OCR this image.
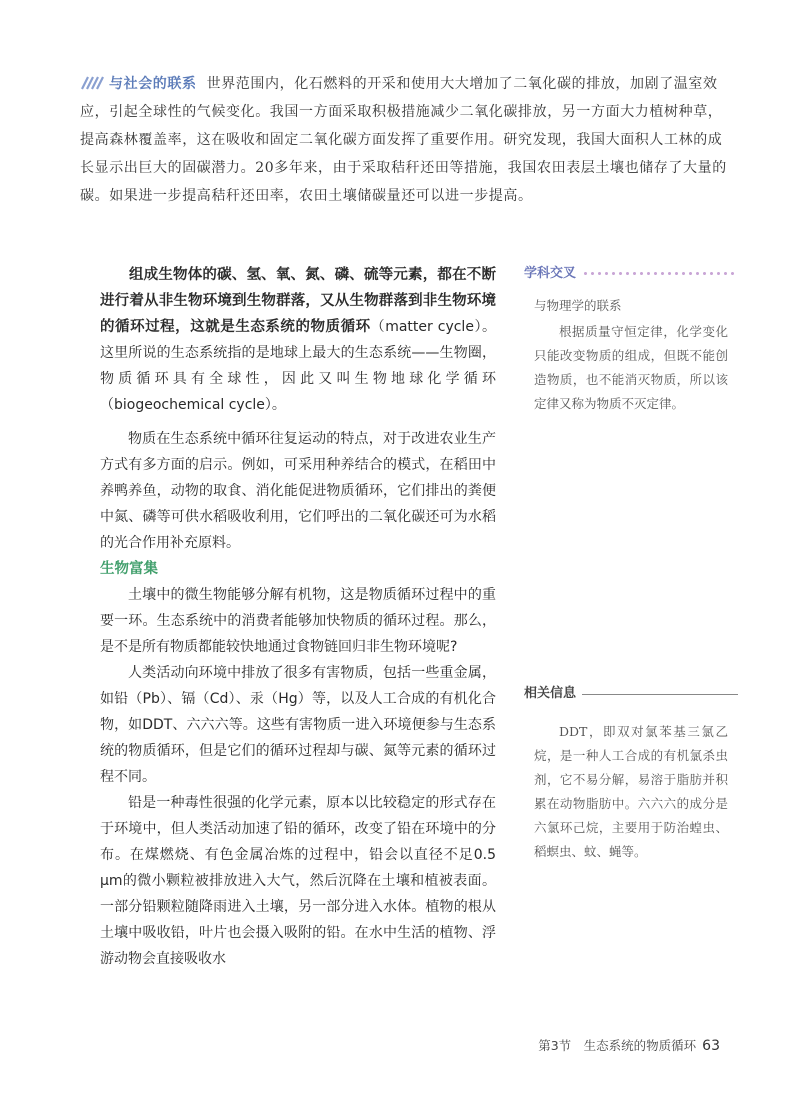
与社会的联系 世界范围内，化石燃料的开采和使用大大增加了二氧化碳的排放，加剧了温室效应，引起全球性的气候变化。我国一方面采取积极措施减少二氧化碳排放，另一方面大力植树种草，提高森林覆盖率，这在吸收和固定二氧化碳方面发挥了重要作用。研究发现，我国大面积人工林的成长显示出巨大的固碳潜力。20多年来，由于采取秸秆还田等措施，我国农田表层土壤也储存了大量的碳。如果进一步提高秸秆还田率，农田土壤储碳量还可以进一步提高。

组成生物体的碳、氢、氧、氮、磷、硫等元素，都在不断进行着从非生物环境到生物群落，又从生物群落到非生物环境的循环过程，这就是生态系统的物质循环（matter cycle）。这里所说的生态系统指的是地球上最大的生态系统——生物圈，物质循环具有全球性，因此又叫生物地球化学循环（biogeochemical cycle）。

物质在生态系统中循环往复运动的特点，对于改进农业生产方式有多方面的启示。例如，可采用种养结合的模式，在稻田中养鸭养鱼，动物的取食、消化能促进物质循环，它们排出的粪便中氮、磷等可供水稻吸收利用，它们呼出的二氧化碳还可为水稻的光合作用补充原料。

生物富集

土壤中的微生物能够分解有机物，这是物质循环过程中的重要一环。生态系统中的消费者能够加快物质的循环过程。那么，是不是所有物质都能较快地通过食物链回归非生物环境呢?

人类活动向环境中排放了很多有害物质，包括一些重金属，如铅（Pb）、镉（Cd）、汞（Hg）等，以及人工合成的有机化合物，如DDT、六六六等。这些有害物质一进入环境便参与生态系统的物质循环，但是它们的循环过程却与碳、氮等元素的循环过程不同。

铅是一种毒性很强的化学元素，原本以比较稳定的形式存在于环境中，但人类活动加速了铅的循环，改变了铅在环境中的分布。在煤燃烧、有色金属冶炼的过程中，铅会以直径不足0.5 μm的微小颗粒被排放进入大气，然后沉降在土壤和植被表面。一部分铅颗粒随降雨进入土壤，另一部分进入水体。植物的根从土壤中吸收铅，叶片也会摄入吸附的铅。在水中生活的植物、浮游动物会直接吸收水

学科交叉

与物理学的联系

根据质量守恒定律，化学变化只能改变物质的组成，但既不能创造物质，也不能消灭物质，所以该定律又称为物质不灭定律。

相关信息

DDT，即双对氯苯基三氯乙烷，是一种人工合成的有机氯杀虫剂，它不易分解，易溶于脂肪并积累在动物脂肪中。六六六的成分是六氯环己烷，主要用于防治蝗虫、稻螟虫、蚊、蝇等。

第3节　生态系统的物质循环 63
